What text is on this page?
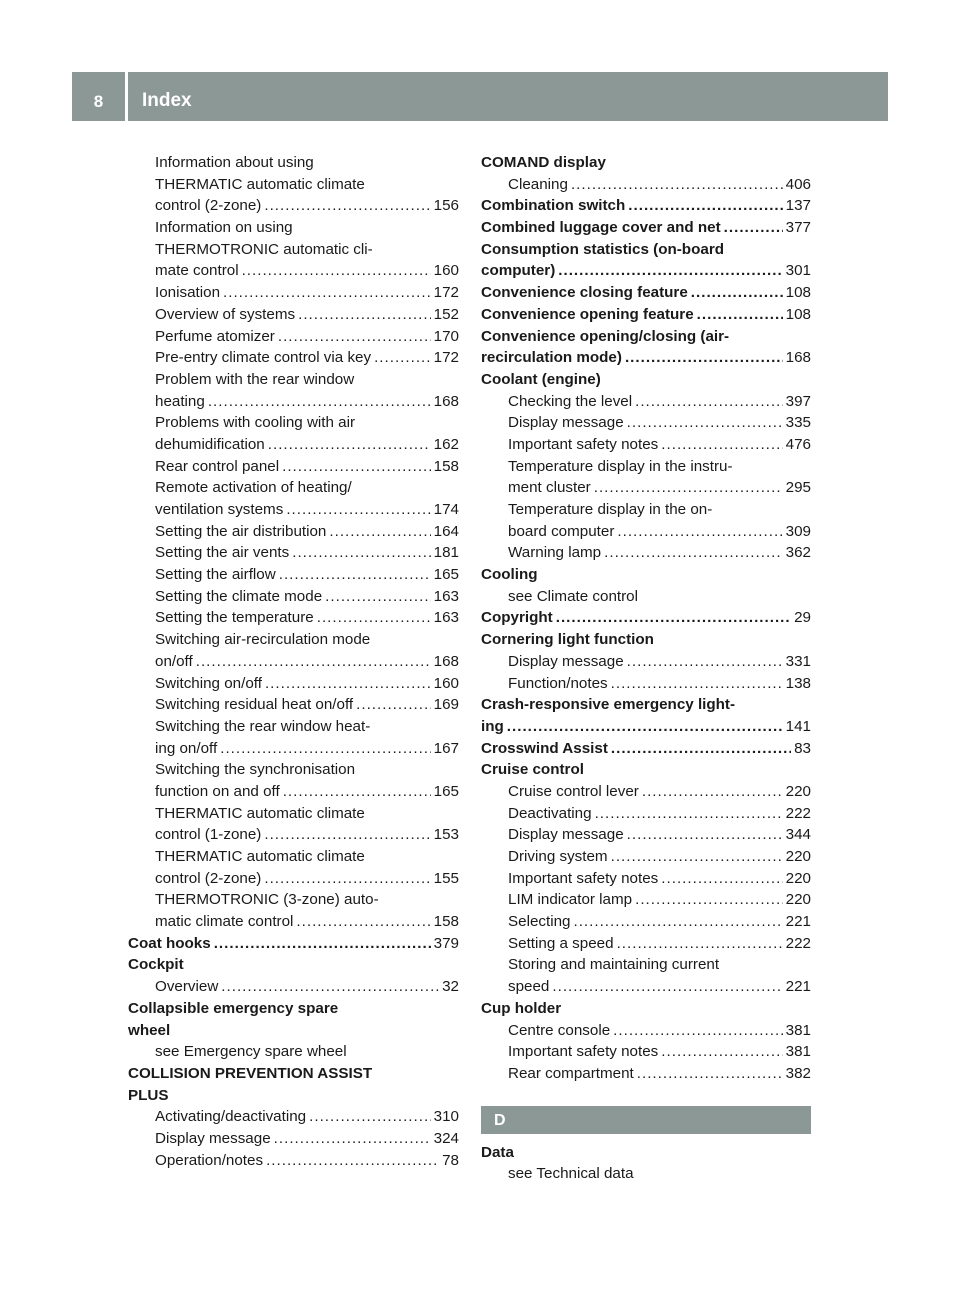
8	Index
Information about using
THERMATIC automatic climate
control (2-zone) .....	156
Information on using
THERMOTRONIC automatic cli-
mate control .....	160
Ionisation .....	172
Overview of systems .....	152
Perfume atomizer .....	170
Pre-entry climate control via key .....	172
Problem with the rear window
heating .....	168
Problems with cooling with air
dehumidification .....	162
Rear control panel .....	158
Remote activation of heating/
ventilation systems .....	174
Setting the air distribution .....	164
Setting the air vents .....	181
Setting the airflow .....	165
Setting the climate mode .....	163
Setting the temperature .....	163
Switching air-recirculation mode
on/off .....	168
Switching on/off .....	160
Switching residual heat on/off .....	169
Switching the rear window heat-
ing on/off .....	167
Switching the synchronisation
function on and off .....	165
THERMATIC automatic climate
control (1-zone) .....	153
THERMATIC automatic climate
control (2-zone) .....	155
THERMOTRONIC (3-zone) auto-
matic climate control .....	158
Coat hooks .....	379
Cockpit
Overview .....	32
Collapsible emergency spare
wheel
see Emergency spare wheel
COLLISION PREVENTION ASSIST
PLUS
Activating/deactivating .....	310
Display message .....	324
Operation/notes .....	78
COMAND display
Cleaning .....	406
Combination switch .....	137
Combined luggage cover and net .....	377
Consumption statistics (on-board
computer) .....	301
Convenience closing feature .....	108
Convenience opening feature .....	108
Convenience opening/closing (air-
recirculation mode) .....	168
Coolant (engine)
Checking the level .....	397
Display message .....	335
Important safety notes .....	476
Temperature display in the instru-
ment cluster .....	295
Temperature display in the on-
board computer .....	309
Warning lamp .....	362
Cooling
see Climate control
Copyright .....	29
Cornering light function
Display message .....	331
Function/notes .....	138
Crash-responsive emergency light-
ing .....	141
Crosswind Assist .....	83
Cruise control
Cruise control lever .....	220
Deactivating .....	222
Display message .....	344
Driving system .....	220
Important safety notes .....	220
LIM indicator lamp .....	220
Selecting .....	221
Setting a speed .....	222
Storing and maintaining current
speed .....	221
Cup holder
Centre console .....	381
Important safety notes .....	381
Rear compartment .....	382
D
Data
see Technical data
